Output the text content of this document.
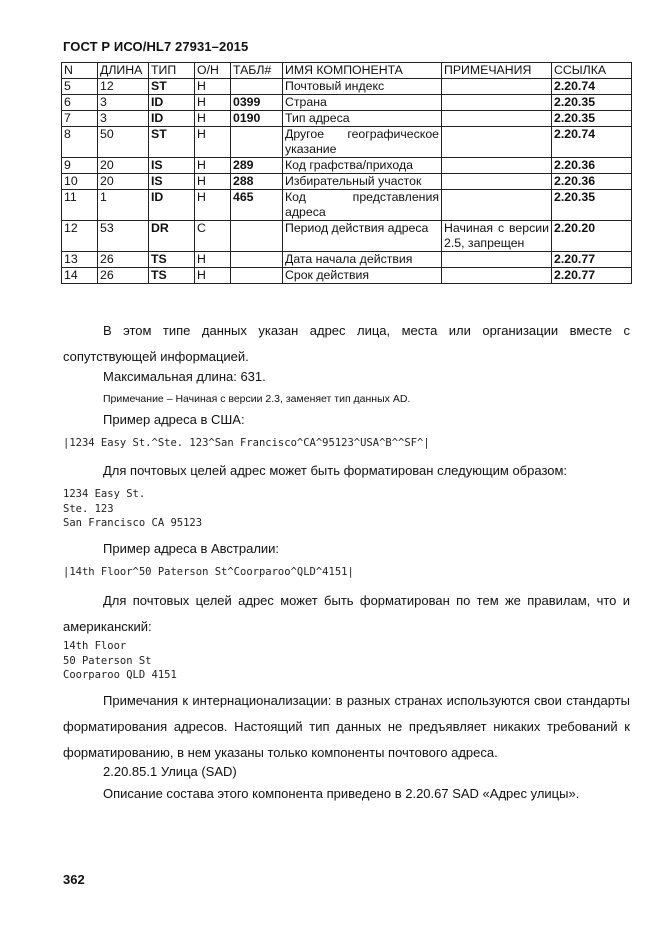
ГОСТ Р ИСО/HL7 27931–2015
N	ДЛИНА	ТИП	О/Н	ТАБЛ#	ИМЯ КОМПОНЕНТА	ПРИМЕЧАНИЯ	ССЫЛКА
5	12	ST	Н		Почтовый индекс		2.20.74
6	3	ID	Н	0399	Страна		2.20.35
7	3	ID	Н	0190	Тип адреса		2.20.35
8	50	ST	Н		Другое географическое указание		2.20.74
9	20	IS	Н	289	Код графства/прихода		2.20.36
10	20	IS	Н	288	Избирательный участок		2.20.36
11	1	ID	Н	465	Код представления адреса		2.20.35
12	53	DR	С		Период действия адреса	Начиная с версии 2.5, запрещен	2.20.20
13	26	TS	Н		Дата начала действия		2.20.77
14	26	TS	Н		Срок действия		2.20.77
В этом типе данных указан адрес лица, места или организации вместе с сопутствующей информацией.
Максимальная длина: 631.
Примечание – Начиная с версии 2.3, заменяет тип данных AD.
Пример адреса в США:
|1234 Easy St.^Ste. 123^San Francisco^CA^95123^USA^B^^SF^|
Для почтовых целей адрес может быть форматирован следующим образом:
1234 Easy St.
Ste. 123
San Francisco CA 95123
Пример адреса в Австралии:
|14th Floor^50 Paterson St^Coorparoo^QLD^4151|
Для почтовых целей адрес может быть форматирован по тем же правилам, что и американский:
14th Floor
50 Paterson St
Coorparoo QLD 4151
Примечания к интернационализации: в разных странах используются свои стандарты форматирования адресов. Настоящий тип данных не предъявляет никаких требований к форматированию, в нем указаны только компоненты почтового адреса.
2.20.85.1 Улица (SAD)
Описание состава этого компонента приведено в 2.20.67 SAD «Адрес улицы».
362
